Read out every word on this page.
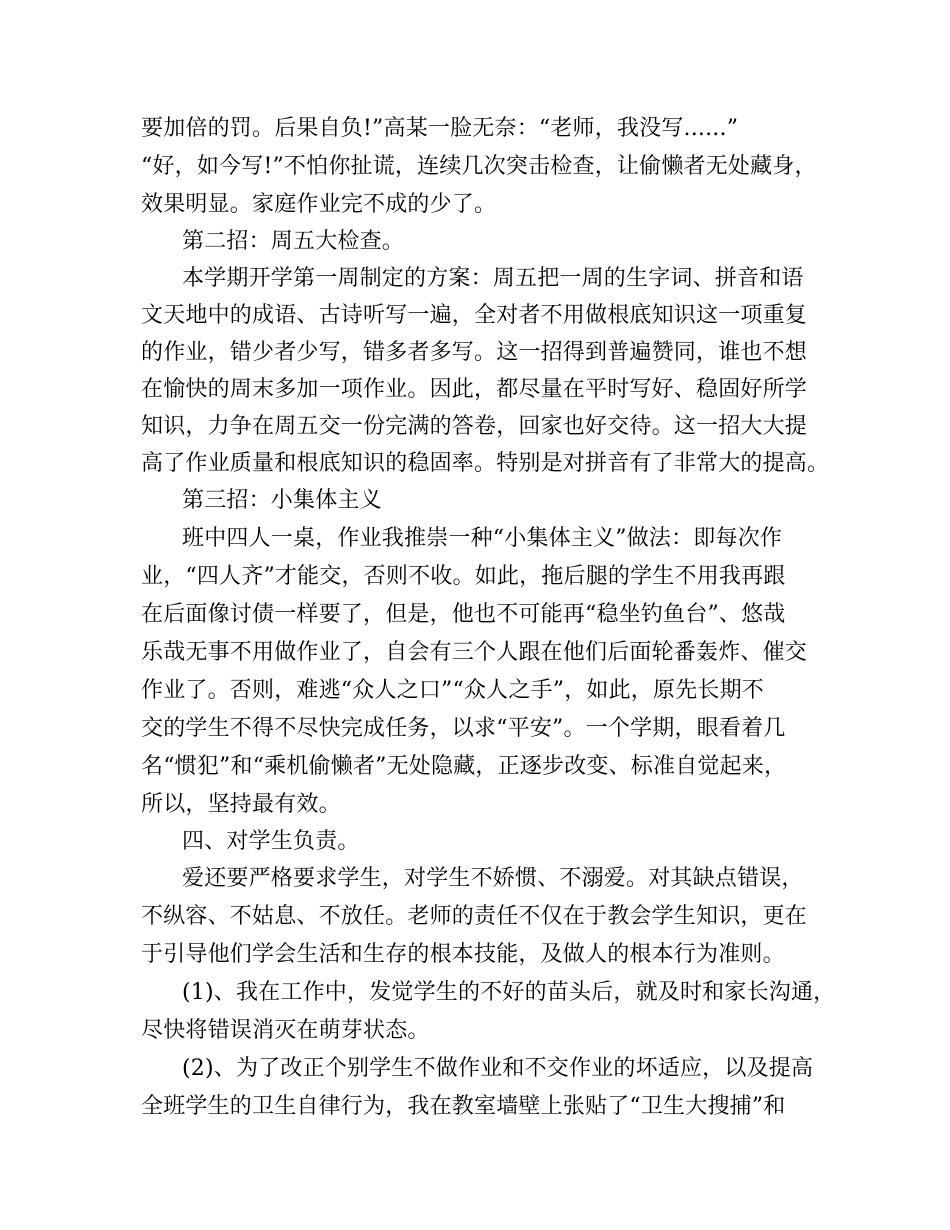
要加倍的罚。后果自负!”高某一脸无奈：“老师，我没写......”
“好，如今写!”不怕你扯谎，连续几次突击检查，让偷懒者无处藏身，
效果明显。家庭作业完不成的少了。
第二招：周五大检查。
本学期开学第一周制定的方案：周五把一周的生字词、拼音和语
文天地中的成语、古诗听写一遍，全对者不用做根底知识这一项重复
的作业，错少者少写，错多者多写。这一招得到普遍赞同，谁也不想
在愉快的周末多加一项作业。因此，都尽量在平时写好、稳固好所学
知识，力争在周五交一份完满的答卷，回家也好交待。这一招大大提
高了作业质量和根底知识的稳固率。特别是对拼音有了非常大的提高。
第三招：小集体主义
班中四人一桌，作业我推崇一种“小集体主义”做法：即每次作
业，“四人齐”才能交，否则不收。如此，拖后腿的学生不用我再跟
在后面像讨债一样要了，但是，他也不可能再“稳坐钓鱼台”、悠哉
乐哉无事不用做作业了，自会有三个人跟在他们后面轮番轰炸、催交
作业了。否则，难逃“众人之口”“众人之手”，如此，原先长期不
交的学生不得不尽快完成任务，以求“平安”。一个学期，眼看着几
名“惯犯”和“乘机偷懒者”无处隐藏，正逐步改变、标准自觉起来，
所以，坚持最有效。
四、对学生负责。
爱还要严格要求学生，对学生不娇惯、不溺爱。对其缺点错误，
不纵容、不姑息、不放任。老师的责任不仅在于教会学生知识，更在
于引导他们学会生活和生存的根本技能，及做人的根本行为准则。
(1)、我在工作中，发觉学生的不好的苗头后，就及时和家长沟通，
尽快将错误消灭在萌芽状态。
(2)、为了改正个别学生不做作业和不交作业的坏适应，以及提高
全班学生的卫生自律行为，我在教室墙壁上张贴了“卫生大搜捕”和
